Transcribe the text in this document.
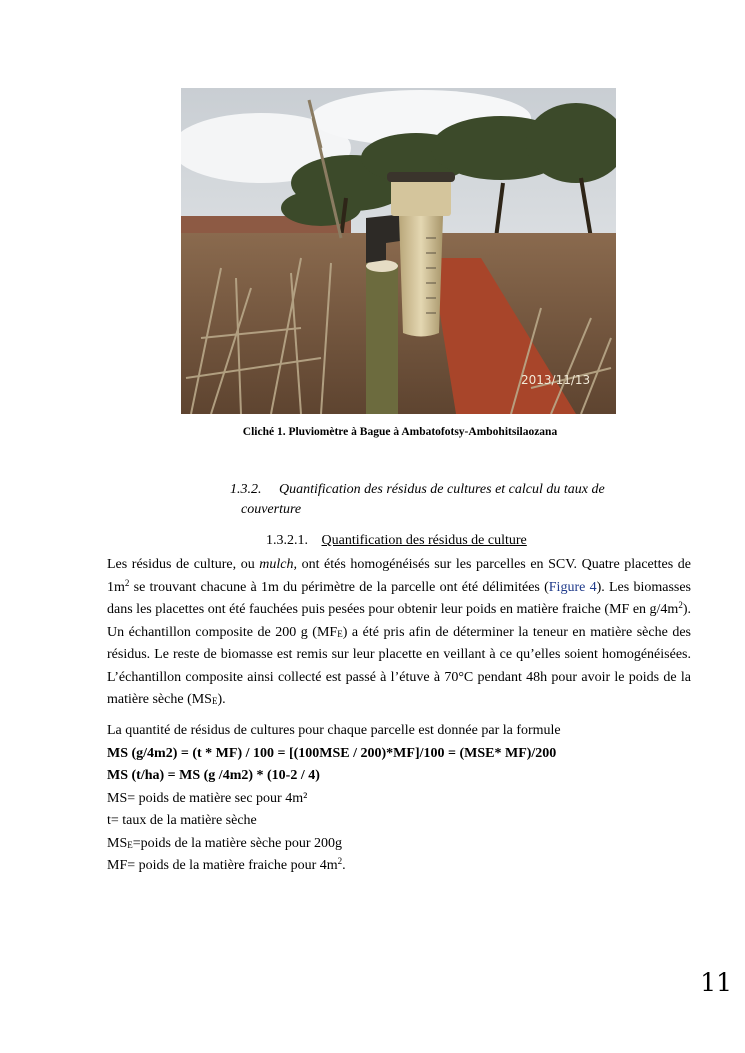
2013/11/13
Cliché 1. Pluviomètre à Bague à Ambatofotsy-Ambohitsilaozana
1.3.2. Quantification des résidus de cultures et calcul du taux de
couverture
1.3.2.1. Quantification des résidus de culture

Les résidus de culture, ou mulch, ont étés homogénéisés sur les parcelles en SCV. Quatre placettes de $1m^2$ se trouvant chacune à 1m du périmètre de la parcelle ont été délimitées (Figure 4). Les biomasses dans les placettes ont été fauchées puis pesées pour obtenir leur poids en matière fraiche (MF en $g/4m^2$). Un échantillon composite de 200 g $(MF_E)$ a été pris afin de déterminer la teneur en matière sèche des résidus. Le reste de biomasse est remis sur leur placette en veillant à ce qu’elles soient homogénéisées. L’échantillon composite ainsi collecté est passé à l’étuve à 70°C pendant 48h pour avoir le poids de la matière sèche $(MS_E)$.

La quantité de résidus de cultures pour chaque parcelle est donnée par la formule
MS (g/4m2) = (t * MF) / 100 = [(100MSE / 200)*MF]/100 = (MSE* MF)/200
MS (t/ha) = MS (g /4m2) * (10-2 / 4)
MS= poids de matière sec pour 4m²
t= taux de la matière sèche
$MS_E=poids$ de la matière sèche pour 200g
MF= poids de la matière fraiche pour $4m^2$.
11
